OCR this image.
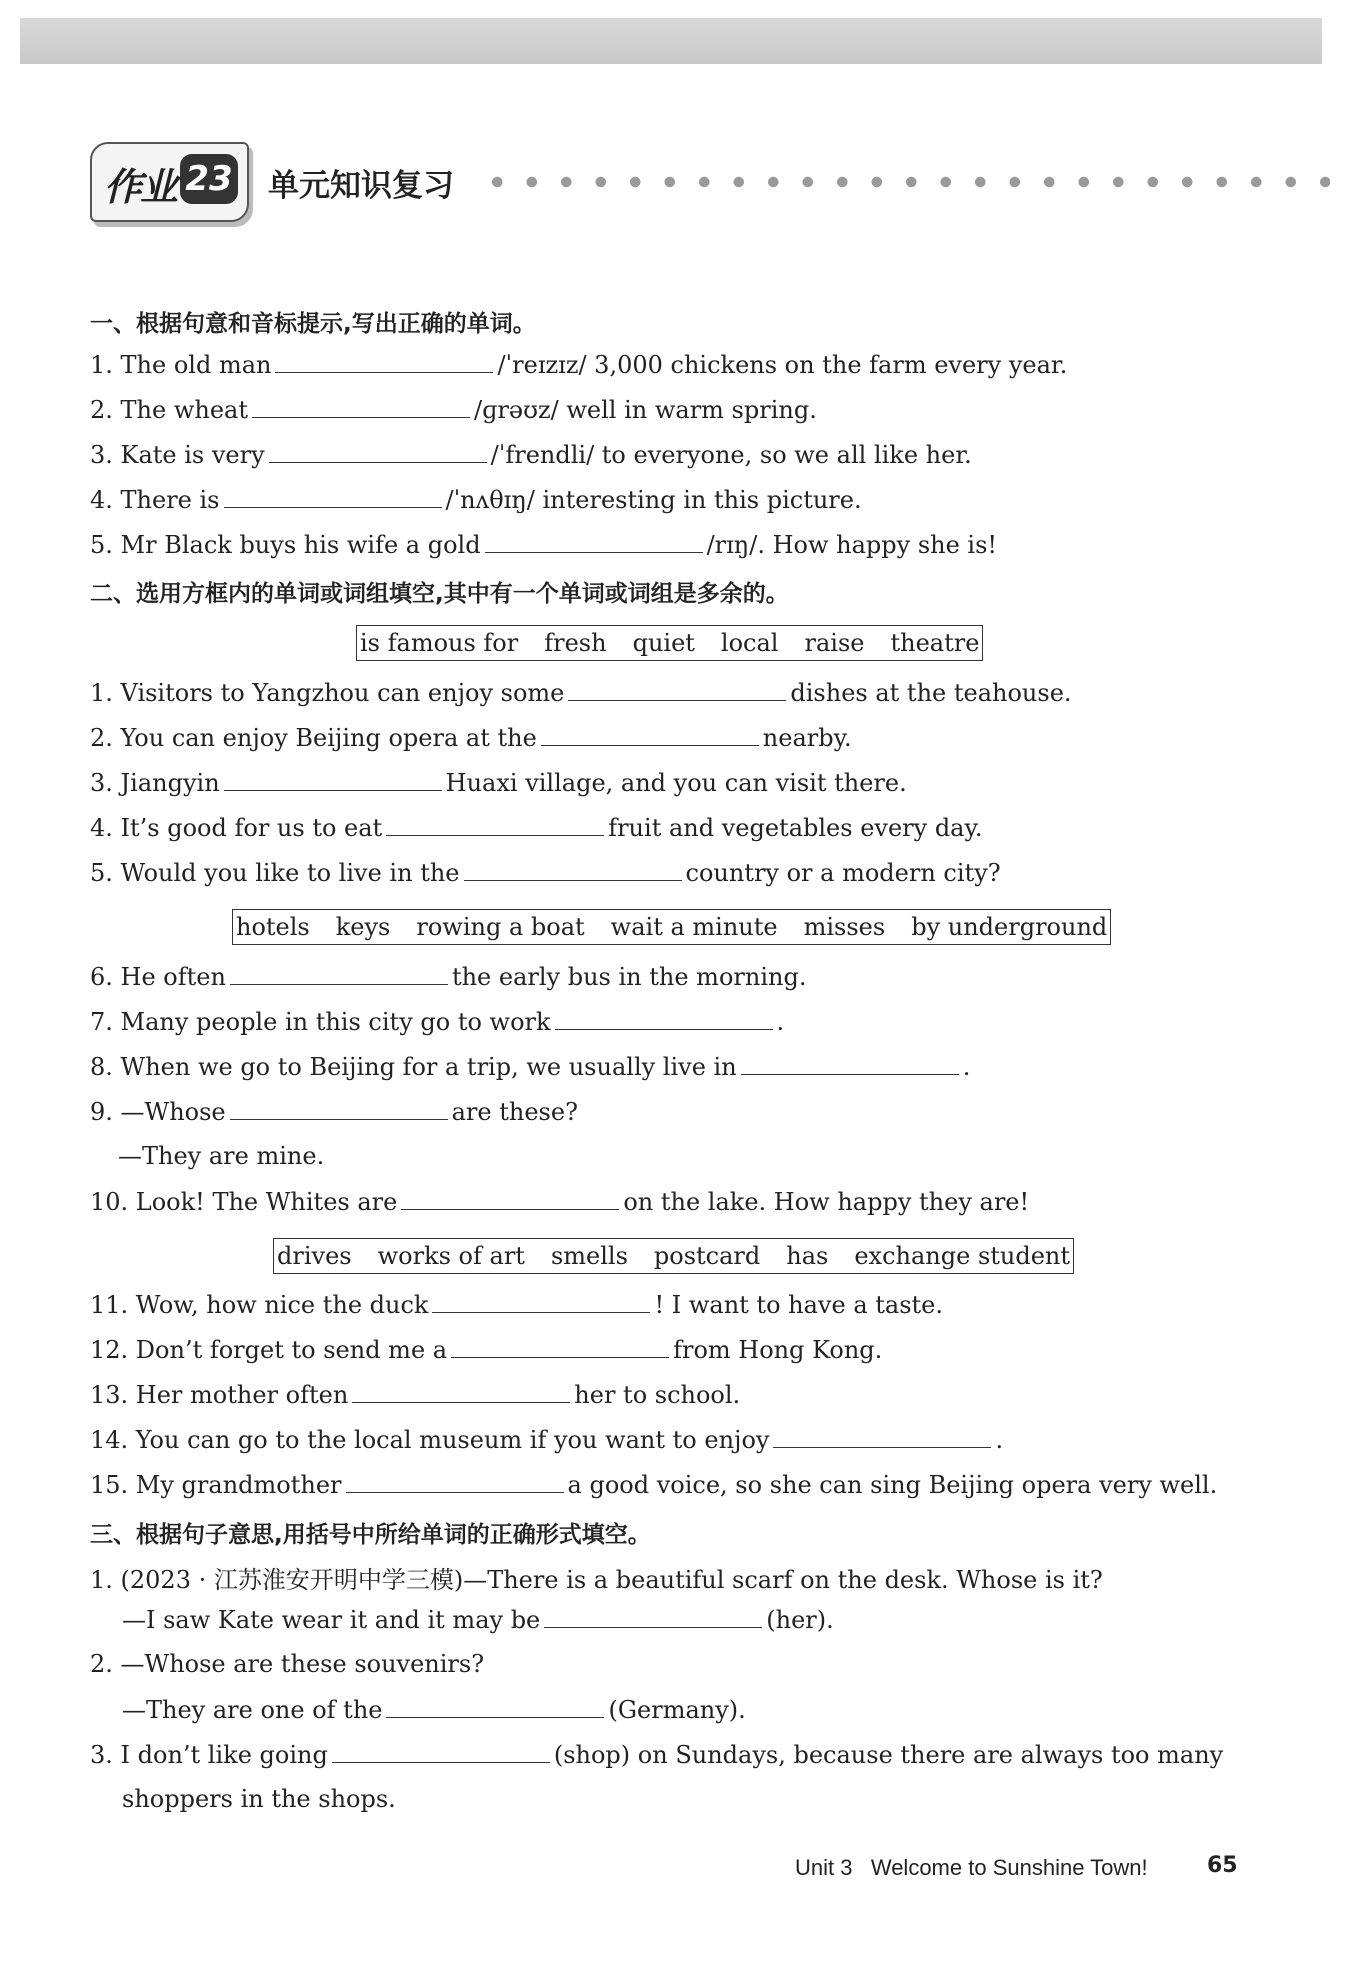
作业 23 单元知识复习
一、根据句意和音标提示,写出正确的单词。
1. The old man	/ˈreɪzɪz/ 3,000 chickens on the farm every year.
2. The wheat	/ɡrəʊz/ well in warm spring.
3. Kate is very	/ˈfrendli/ to everyone, so we all like her.
4. There is	/ˈnʌθɪŋ/ interesting in this picture.
5. Mr Black buys his wife a gold	/rɪŋ/. How happy she is!
二、选用方框内的单词或词组填空,其中有一个单词或词组是多余的。
is famous for fresh quiet local raise theatre
1. Visitors to Yangzhou can enjoy some	dishes at the teahouse.
2. You can enjoy Beijing opera at the	nearby.
3. Jiangyin	Huaxi village, and you can visit there.
4. It’s good for us to eat	fruit and vegetables every day.
5. Would you like to live in the	country or a modern city?
hotels keys rowing a boat wait a minute misses by underground
6. He often	the early bus in the morning.
7. Many people in this city go to work	.
8. When we go to Beijing for a trip, we usually live in	.
9. —Whose	are these?
—They are mine.
10. Look! The Whites are	on the lake. How happy they are!
drives works of art smells postcard has exchange student
11. Wow, how nice the duck	! I want to have a taste.
12. Don’t forget to send me a	from Hong Kong.
13. Her mother often	her to school.
14. You can go to the local museum if you want to enjoy	.
15. My grandmother	a good voice, so she can sing Beijing opera very well.
三、根据句子意思,用括号中所给单词的正确形式填空。
1. (2023 · 江苏淮安开明中学三模)—There is a beautiful scarf on the desk. Whose is it?
—I saw Kate wear it and it may be	(her).
2. —Whose are these souvenirs?
—They are one of the	(Germany).
3. I don’t like going	(shop) on Sundays, because there are always too many
shoppers in the shops.
Unit 3 Welcome to Sunshine Town!	65
